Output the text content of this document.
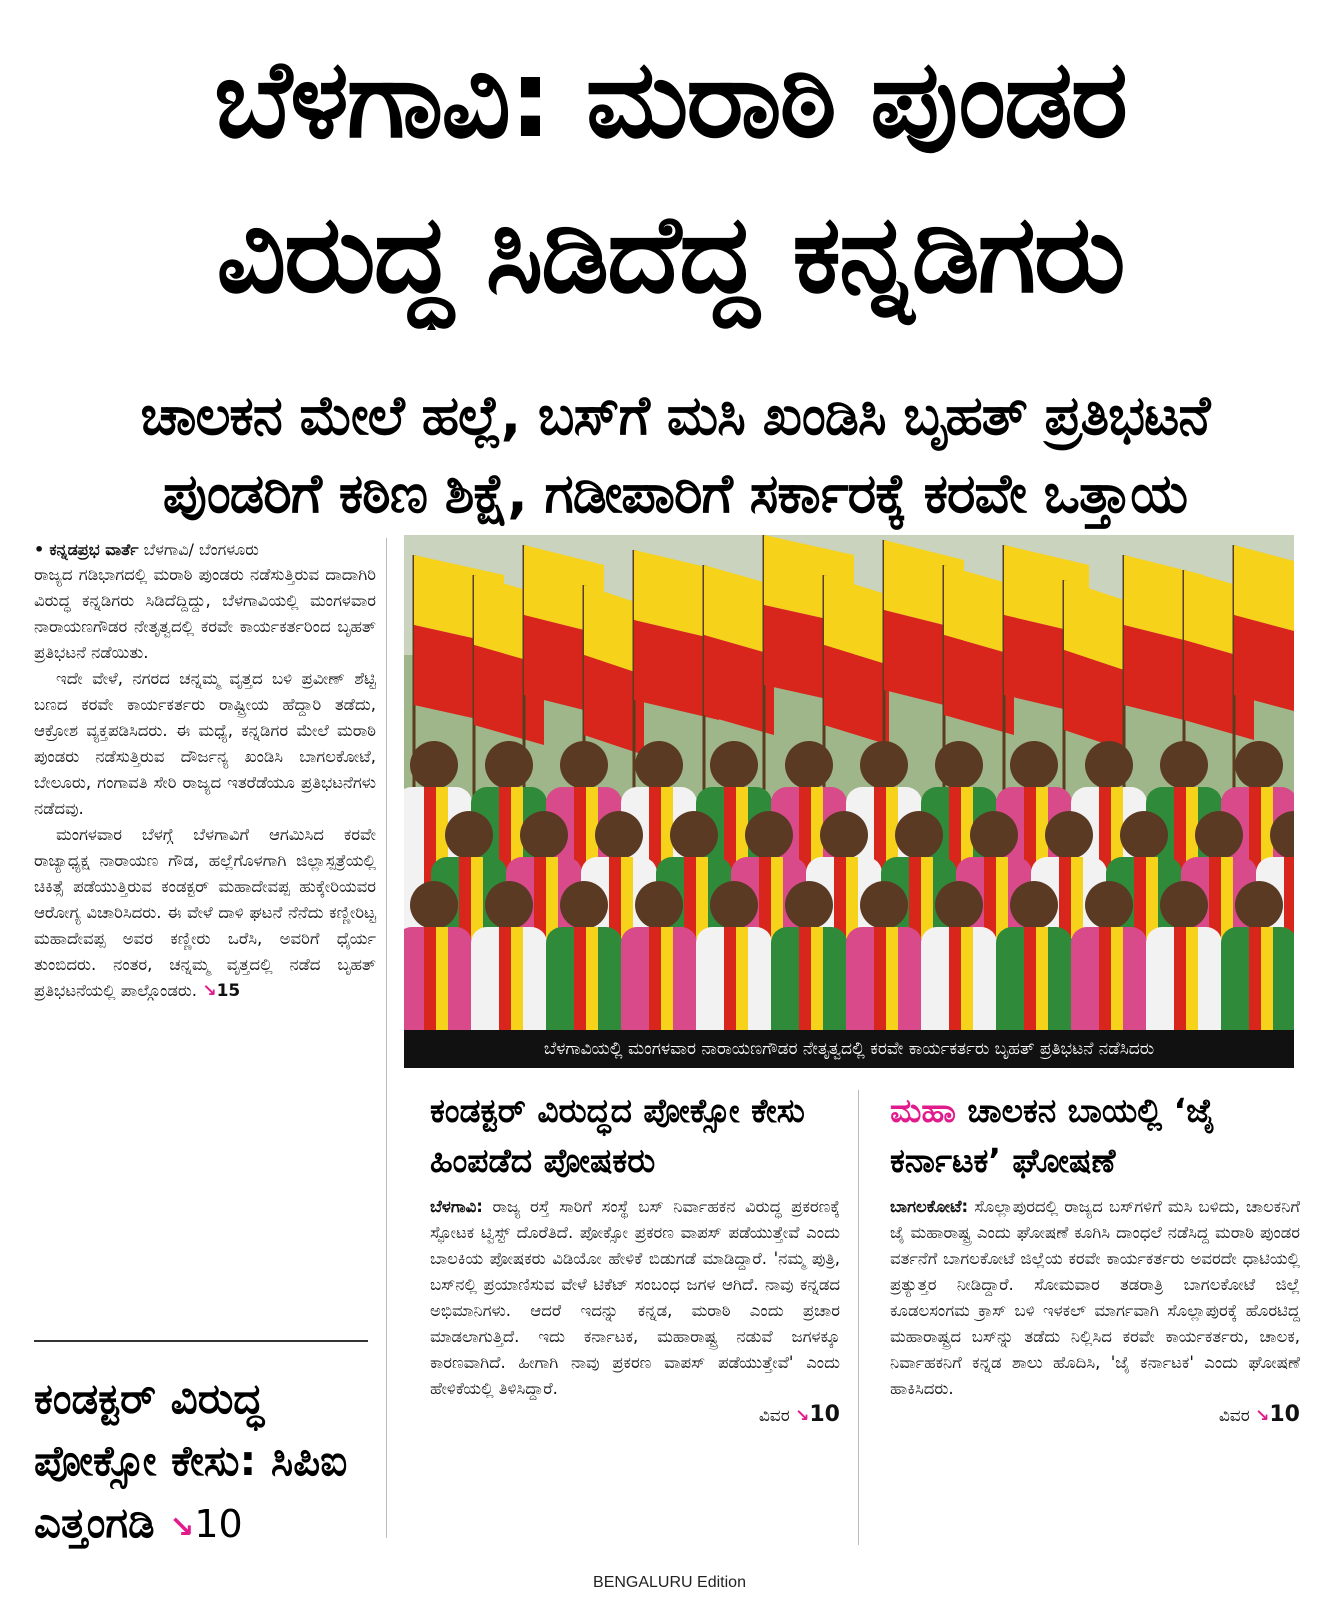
ಬೆಳಗಾವಿ: ಮರಾಠಿ ಪುಂಡರ
ವಿರುದ್ಧ ಸಿಡಿದೆದ್ದ ಕನ್ನಡಿಗರು
ಚಾಲಕನ ಮೇಲೆ ಹಲ್ಲೆ, ಬಸ್‌ಗೆ ಮಸಿ ಖಂಡಿಸಿ ಬೃಹತ್ ಪ್ರತಿಭಟನೆ
ಪುಂಡರಿಗೆ ಕಠಿಣ ಶಿಕ್ಷೆ, ಗಡೀಪಾರಿಗೆ ಸರ್ಕಾರಕ್ಕೆ ಕರವೇ ಒತ್ತಾಯ
• ಕನ್ನಡಪ್ರಭ ವಾರ್ತೆ ಬೆಳಗಾವಿ/ ಬೆಂಗಳೂರು

ರಾಜ್ಯದ ಗಡಿಭಾಗದಲ್ಲಿ ಮರಾಠಿ ಪುಂಡರು ನಡೆಸುತ್ತಿರುವ ದಾದಾಗಿರಿ ವಿರುದ್ಧ ಕನ್ನಡಿಗರು ಸಿಡಿದೆದ್ದಿದ್ದು, ಬೆಳಗಾವಿಯಲ್ಲಿ ಮಂಗಳವಾರ ನಾರಾಯಣಗೌಡರ ನೇತೃತ್ವದಲ್ಲಿ ಕರವೇ ಕಾರ್ಯಕರ್ತರಿಂದ ಬೃಹತ್ ಪ್ರತಿಭಟನೆ ನಡೆಯಿತು.

ಇದೇ ವೇಳೆ, ನಗರದ ಚನ್ನಮ್ಮ ವೃತ್ತದ ಬಳಿ ಪ್ರವೀಣ್ ಶೆಟ್ಟಿ ಬಣದ ಕರವೇ ಕಾರ್ಯಕರ್ತರು ರಾಷ್ಟ್ರೀಯ ಹೆದ್ದಾರಿ ತಡೆದು, ಆಕ್ರೋಶ ವ್ಯಕ್ತಪಡಿಸಿದರು. ಈ ಮಧ್ಯೆ, ಕನ್ನಡಿಗರ ಮೇಲೆ ಮರಾಠಿ ಪುಂಡರು ನಡೆಸುತ್ತಿರುವ ದೌರ್ಜನ್ಯ ಖಂಡಿಸಿ ಬಾಗಲಕೋಟೆ, ಬೇಲೂರು, ಗಂಗಾವತಿ ಸೇರಿ ರಾಜ್ಯದ ಇತರೆಡೆಯೂ ಪ್ರತಿಭಟನೆಗಳು ನಡೆದವು.

ಮಂಗಳವಾರ ಬೆಳಗ್ಗೆ ಬೆಳಗಾವಿಗೆ ಆಗಮಿಸಿದ ಕರವೇ ರಾಜ್ಯಾಧ್ಯಕ್ಷ ನಾರಾಯಣ ಗೌಡ, ಹಲ್ಲೆಗೊಳಗಾಗಿ ಜಿಲ್ಲಾಸ್ಪತ್ರೆಯಲ್ಲಿ ಚಿಕಿತ್ಸೆ ಪಡೆಯುತ್ತಿರುವ ಕಂಡಕ್ಟರ್ ಮಹಾದೇವಪ್ಪ ಹುಕ್ಕೇರಿಯವರ ಆರೋಗ್ಯ ವಿಚಾರಿಸಿದರು. ಈ ವೇಳೆ ದಾಳಿ ಘಟನೆ ನೆನೆದು ಕಣ್ಣೀರಿಟ್ಟ ಮಹಾದೇವಪ್ಪ ಅವರ ಕಣ್ಣೀರು ಒರೆಸಿ, ಅವರಿಗೆ ಧೈರ್ಯ ತುಂಬಿದರು. ನಂತರ, ಚನ್ನಮ್ಮ ವೃತ್ತದಲ್ಲಿ ನಡೆದ ಬೃಹತ್ ಪ್ರತಿಭಟನೆಯಲ್ಲಿ ಪಾಲ್ಗೊಂಡರು. ↘15

ಕಂಡಕ್ಟರ್ ವಿರುದ್ಧ ಪೋಕ್ಸೋ ಕೇಸು: ಸಿಪಿಐ ಎತ್ತಂಗಡಿ ↘10
ಬೆಳಗಾವಿಯಲ್ಲಿ ಮಂಗಳವಾರ ನಾರಾಯಣಗೌಡರ ನೇತೃತ್ವದಲ್ಲಿ ಕರವೇ ಕಾರ್ಯಕರ್ತರು ಬೃಹತ್ ಪ್ರತಿಭಟನೆ ನಡೆಸಿದರು
ಕಂಡಕ್ಟರ್ ವಿರುದ್ಧದ ಪೋಕ್ಸೋ ಕೇಸು ಹಿಂಪಡೆದ ಪೋಷಕರು
ಬೆಳಗಾವಿ: ರಾಜ್ಯ ರಸ್ತೆ ಸಾರಿಗೆ ಸಂಸ್ಥೆ ಬಸ್ ನಿರ್ವಾಹಕನ ವಿರುದ್ಧ ಪ್ರಕರಣಕ್ಕೆ ಸ್ಫೋಟಕ ಟ್ವಿಸ್ಟ್ ದೊರೆತಿದೆ. ಪೋಕ್ಸೋ ಪ್ರಕರಣ ವಾಪಸ್ ಪಡೆಯುತ್ತೇವೆ ಎಂದು ಬಾಲಕಿಯ ಪೋಷಕರು ವಿಡಿಯೋ ಹೇಳಿಕೆ ಬಿಡುಗಡೆ ಮಾಡಿದ್ದಾರೆ. 'ನಮ್ಮ ಪುತ್ರಿ, ಬಸ್‌ನಲ್ಲಿ ಪ್ರಯಾಣಿಸುವ ವೇಳೆ ಟಿಕೆಟ್ ಸಂಬಂಧ ಜಗಳ ಆಗಿದೆ. ನಾವು ಕನ್ನಡದ ಅಭಿಮಾನಿಗಳು. ಆದರೆ ಇದನ್ನು ಕನ್ನಡ, ಮರಾಠಿ ಎಂದು ಪ್ರಚಾರ ಮಾಡಲಾಗುತ್ತಿದೆ. ಇದು ಕರ್ನಾಟಕ, ಮಹಾರಾಷ್ಟ್ರ ನಡುವೆ ಜಗಳಕ್ಕೂ ಕಾರಣವಾಗಿದೆ. ಹೀಗಾಗಿ ನಾವು ಪ್ರಕರಣ ವಾಪಸ್ ಪಡೆಯುತ್ತೇವೆ' ಎಂದು ಹೇಳಿಕೆಯಲ್ಲಿ ತಿಳಿಸಿದ್ದಾರೆ.
ವಿವರ ↘10
ಮಹಾ ಚಾಲಕನ ಬಾಯಲ್ಲಿ ‘ಜೈ ಕರ್ನಾಟಕ’ ಘೋಷಣೆ
ಬಾಗಲಕೋಟೆ: ಸೊಲ್ಲಾಪುರದಲ್ಲಿ ರಾಜ್ಯದ ಬಸ್‌ಗಳಿಗೆ ಮಸಿ ಬಳಿದು, ಚಾಲಕನಿಗೆ ಜೈ ಮಹಾರಾಷ್ಟ್ರ ಎಂದು ಘೋಷಣೆ ಕೂಗಿಸಿ ದಾಂಧಲೆ ನಡೆಸಿದ್ದ ಮರಾಠಿ ಪುಂಡರ ವರ್ತನೆಗೆ ಬಾಗಲಕೋಟೆ ಜಿಲ್ಲೆಯ ಕರವೇ ಕಾರ್ಯಕರ್ತರು ಅವರದೇ ಧಾಟಿಯಲ್ಲಿ ಪ್ರತ್ಯುತ್ತರ ನೀಡಿದ್ದಾರೆ. ಸೋಮವಾರ ತಡರಾತ್ರಿ ಬಾಗಲಕೋಟೆ ಜಿಲ್ಲೆ ಕೂಡಲಸಂಗಮ ಕ್ರಾಸ್ ಬಳಿ ಇಳಕಲ್ ಮಾರ್ಗವಾಗಿ ಸೊಲ್ಲಾಪುರಕ್ಕೆ ಹೊರಟಿದ್ದ ಮಹಾರಾಷ್ಟ್ರದ ಬಸ್‌ನ್ನು ತಡೆದು ನಿಲ್ಲಿಸಿದ ಕರವೇ ಕಾರ್ಯಕರ್ತರು, ಚಾಲಕ, ನಿರ್ವಾಹಕನಿಗೆ ಕನ್ನಡ ಶಾಲು ಹೊದಿಸಿ, 'ಜೈ ಕರ್ನಾಟಕ' ಎಂದು ಘೋಷಣೆ ಹಾಕಿಸಿದರು.
ವಿವರ ↘10
BENGALURU Edition
